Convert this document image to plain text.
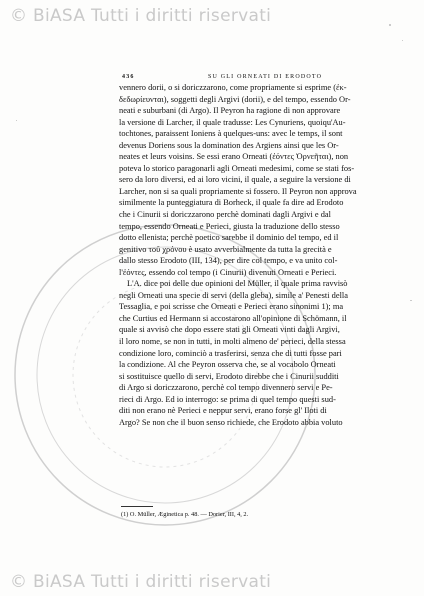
© BiASA Tutti i diritti riservati
436	SU GLI ORNEATI DI ERODOTO

vennero dorii, o si doriczzarono, come propriamente si esprime (ἐκ-

δεδωρίευνται), soggetti degli Argivi (dorii), e del tempo, essendo Or-

neati e suburbani (di Argo). Il Peyron ha ragione di non approvare

la versione di Larcher, il quale tradusse: Les Cynuriens, quoiqu'Au-

tochtones, paraissent Ioniens à quelques-uns: avec le temps, il sont

devenus Doriens sous la domination des Argiens ainsi que les Or-

neates et leurs voisins. Se essi erano Orneati (ἐόντες Ὀρνεῆται), non

poteva lo storico paragonarli agli Orneati medesimi, come se stati fos-

sero da loro diversi, ed ai loro vicini, il quale, a seguire la versione di

Larcher, non si sa quali propriamente si fossero. Il Peyron non approva

similmente la punteggiatura di Borheck, il quale fa dire ad Erodoto

che i Cinurii si doriczzarono perchè dominati dagli Argivi e dal

tempo, essendo Orneati e Perieci, giusta la traduzione dello stesso

dotto ellenista; perchè poetico sarebbe il dominio del tempo, ed il

genitivo τοῦ χρόνου è usato avverbialmente da tutta la grecità e

dallo stesso Erodoto (III, 134), per dire col tempo, e va unito col-

l'ἐόντες, essendo col tempo (i Cinurii) divenuti Orneati e Perieci.

L'A. dice poi delle due opinioni del Müller, il quale prima ravvisò

negli Orneati una specie di servi (della gleba), simile a' Penesti della

Tessaglia, e poi scrisse che Orneati e Perieci erano sinonimi 1); ma

che Curtius ed Hermann si accostarono all'opinione di Schömann, il

quale si avvisò che dopo essere stati gli Orneati vinti dagli Argivi,

il loro nome, se non in tutti, in molti almeno de' perieci, della stessa

condizione loro, cominciò a trasferirsi, senza che di tutti fosse pari

la condizione. Al che Peyron osserva che, se al vocabolo Orneati

si sostituisce quello di servi, Erodoto direbbe che i Cinurii sudditi

di Argo si doriczzarono, perchè col tempo divennero servi e Pe-

rieci di Argo. Ed io interrogo: se prima di quel tempo questi sud-

diti non erano nè Perieci e neppur servi, erano forse gl' Iloti di

Argo? Se non che il buon senso richiede, che Erodoto abbia voluto

(1) O. Müller, Æginetica p. 48. — Dorier, III, 4, 2.
© BiASA Tutti i diritti riservati
